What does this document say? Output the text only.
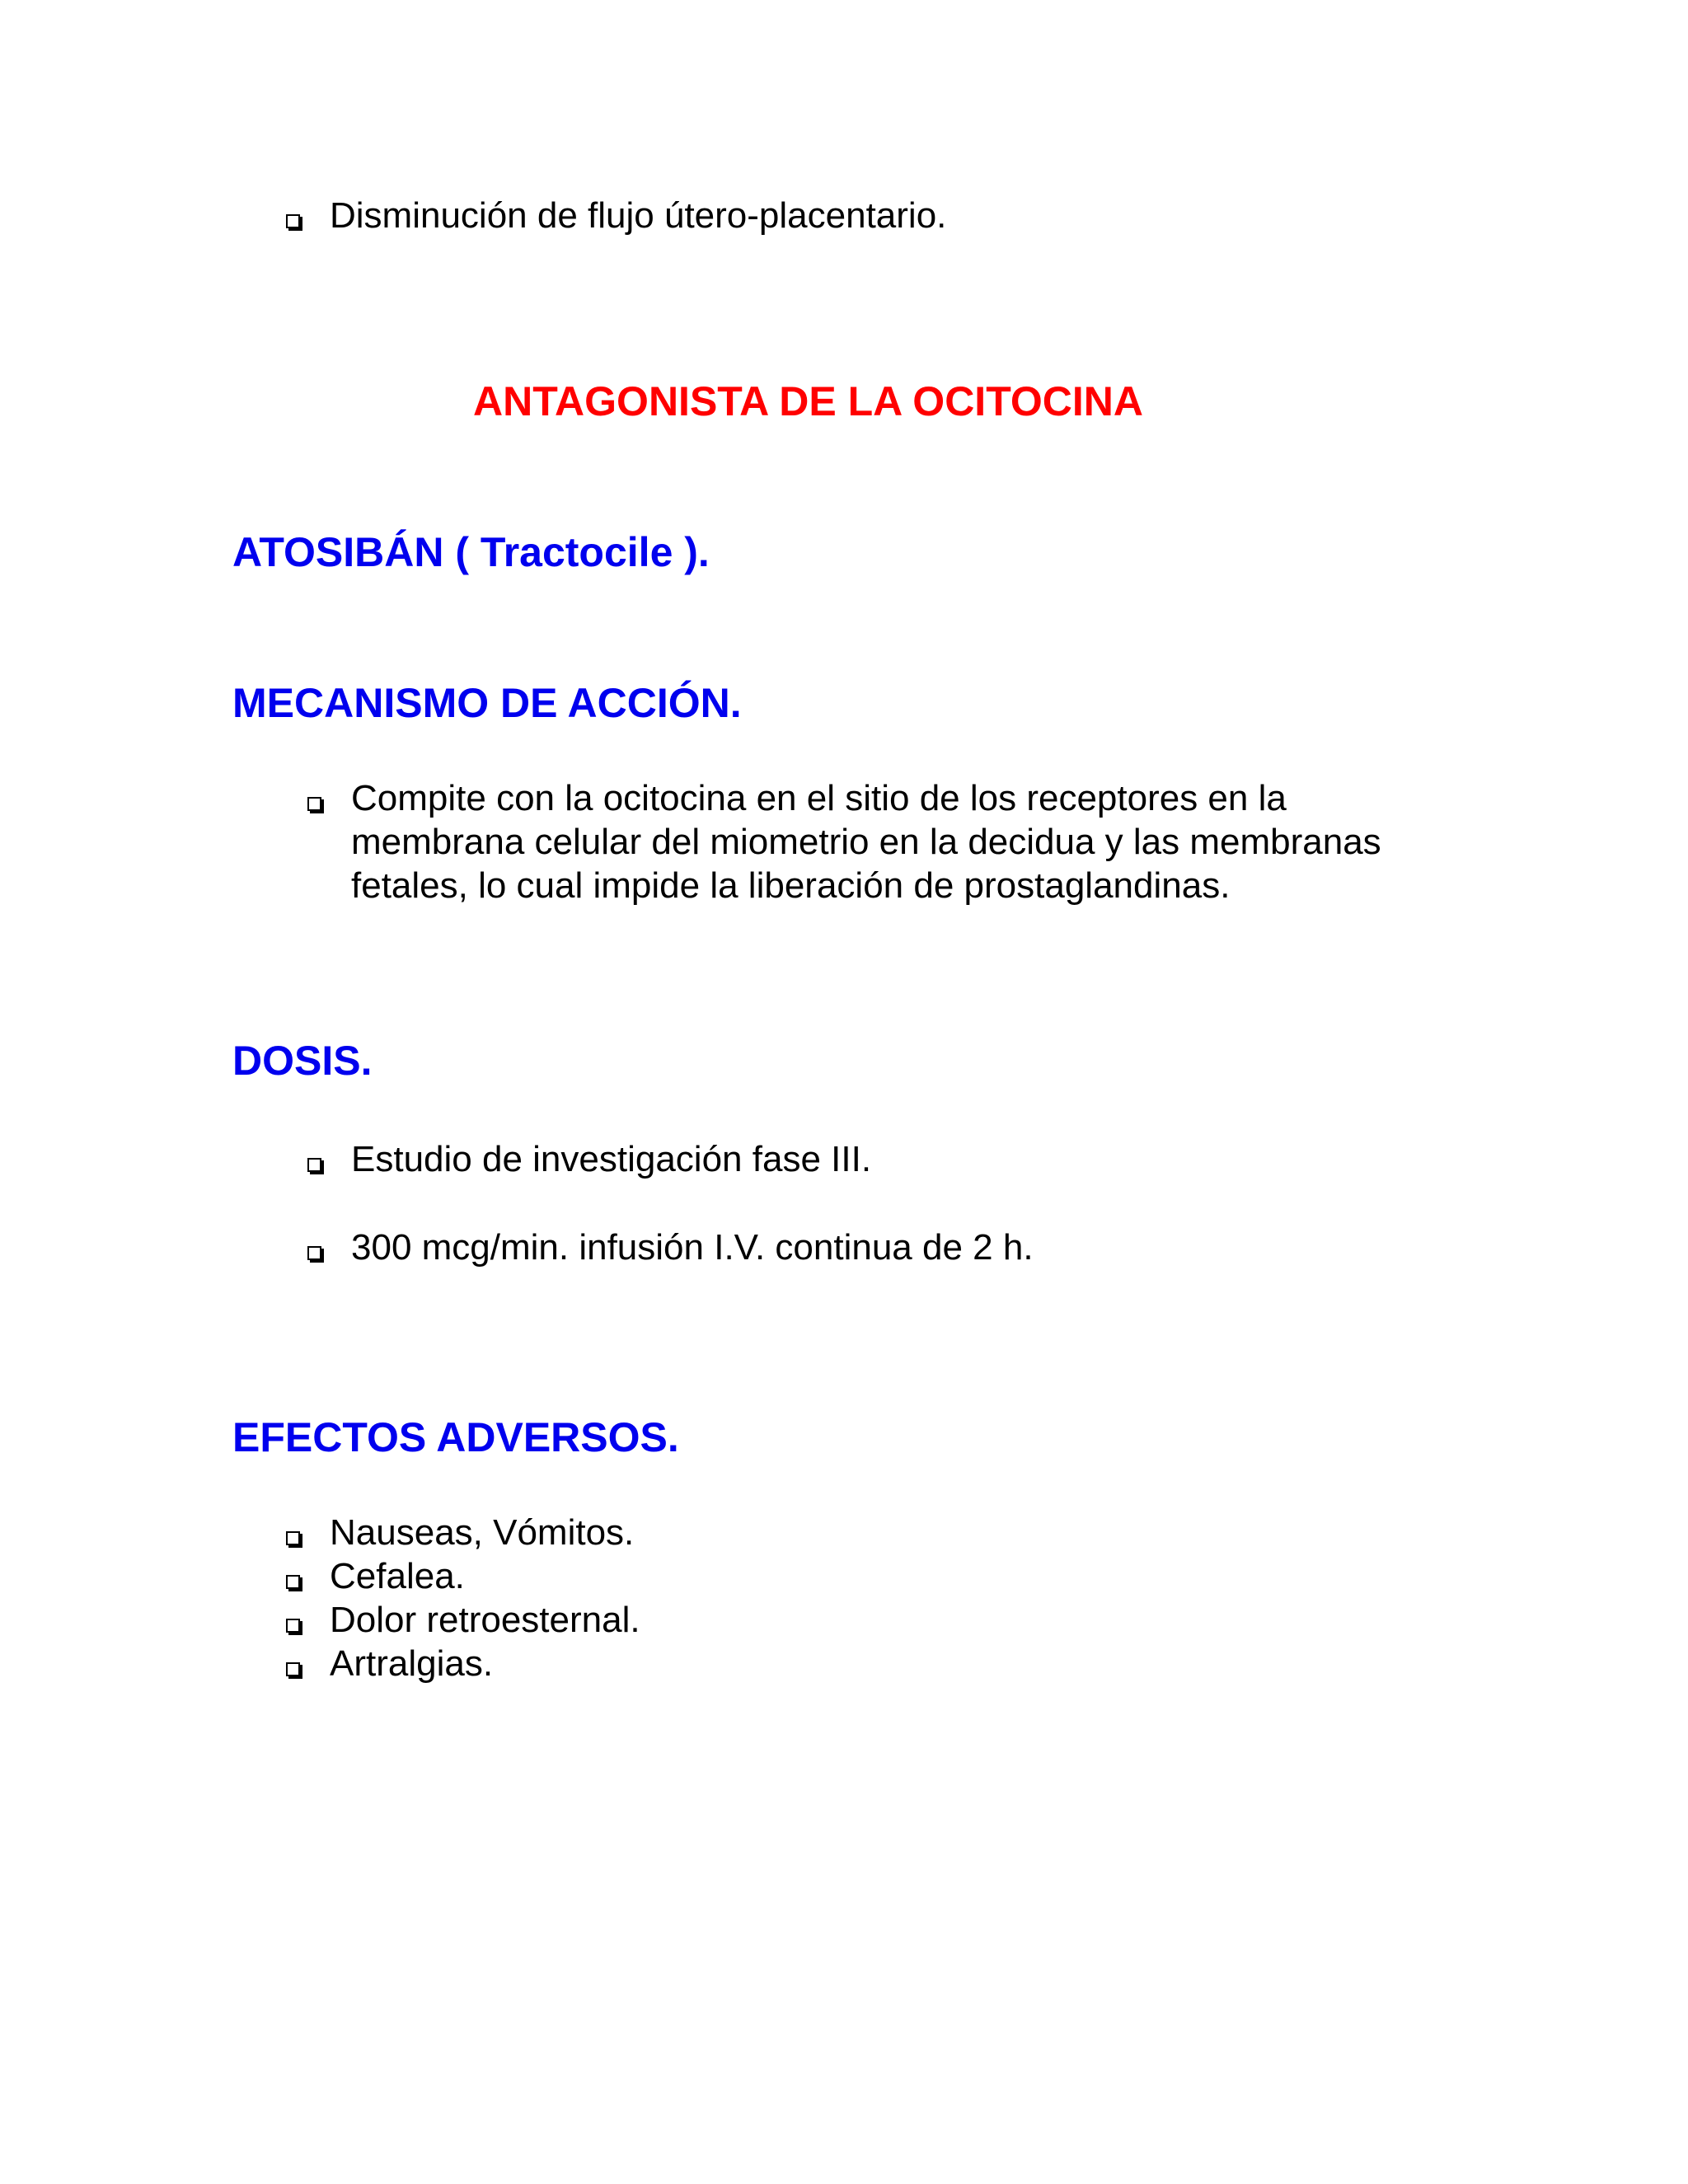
Disminución de flujo útero-placentario.
ANTAGONISTA DE LA OCITOCINA
ATOSIBÁN ( Tractocile ).
MECANISMO DE ACCIÓN.
Compite con la ocitocina en el sitio de los receptores en la
membrana celular del miometrio en la decidua y las membranas
fetales, lo cual impide la liberación de prostaglandinas.
DOSIS.
Estudio de investigación fase III.
300 mcg/min. infusión I.V. continua de 2 h.
EFECTOS ADVERSOS.
Nauseas, Vómitos.
Cefalea.
Dolor retroesternal.
Artralgias.
